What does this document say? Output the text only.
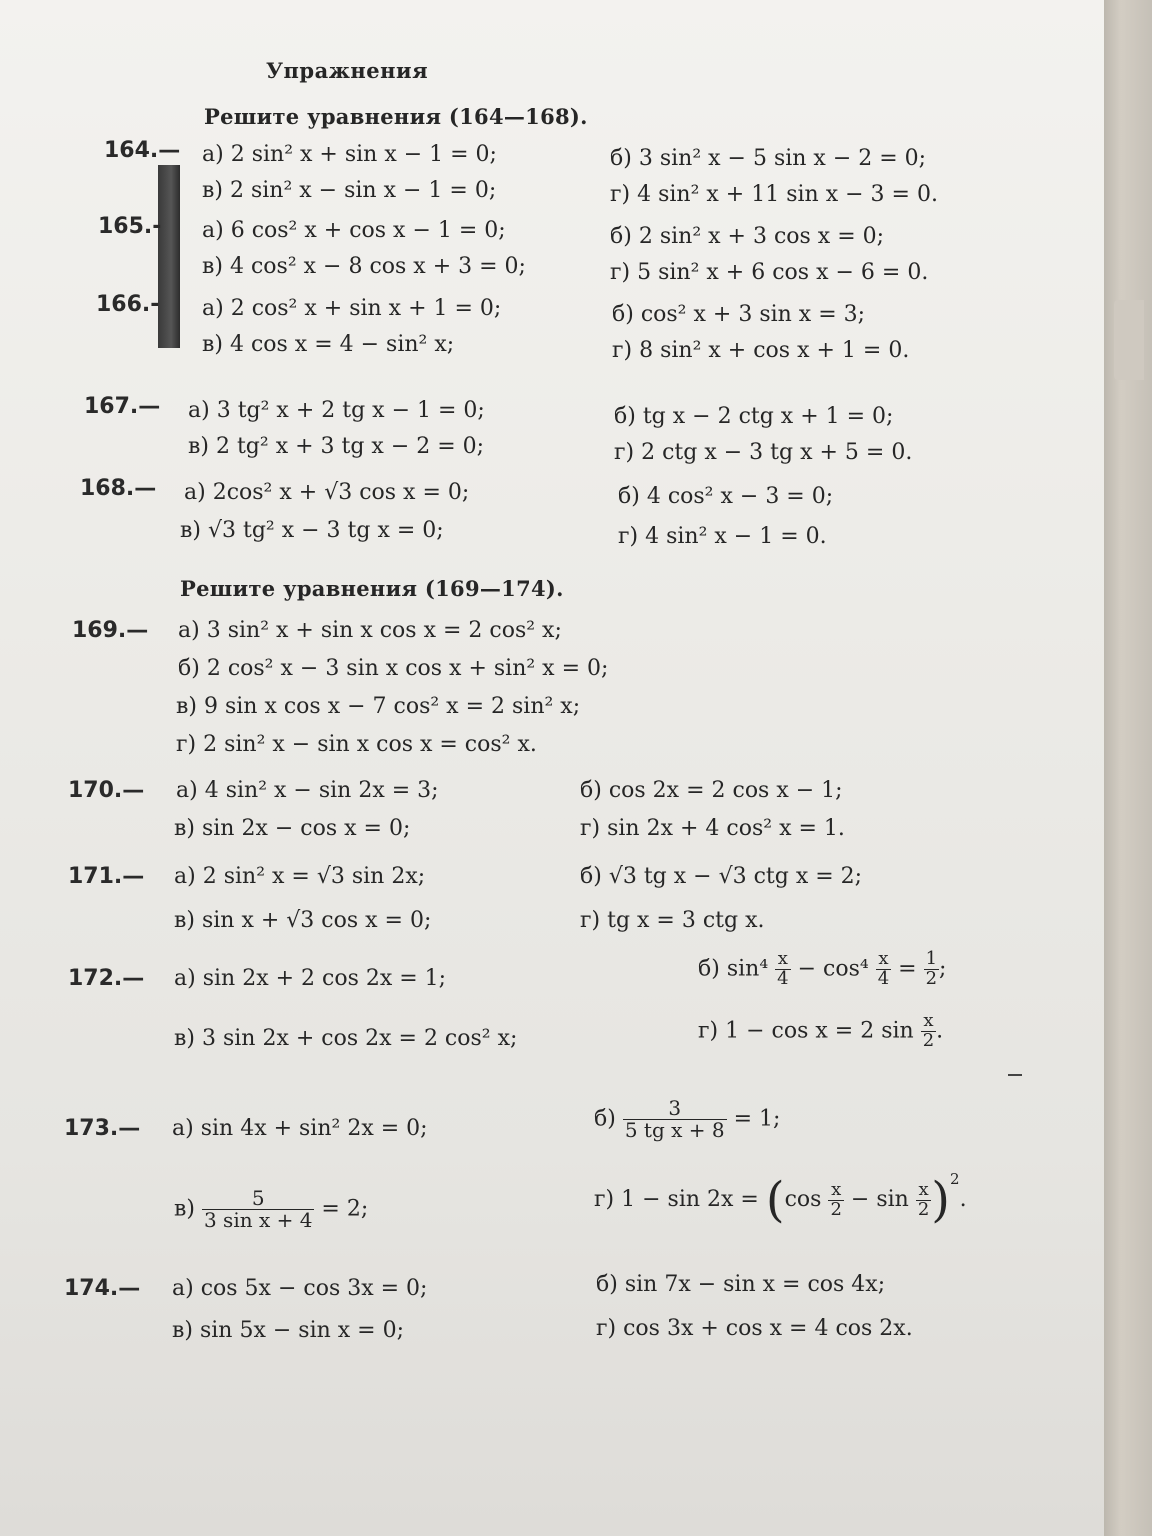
Упражнения
Решите уравнения (164—168).
164.— а) 2 sin² x + sin x − 1 = 0;	б) 3 sin² x − 5 sin x − 2 = 0;
в) 2 sin² x − sin x − 1 = 0;	г) 4 sin² x + 11 sin x − 3 = 0.
165.- а) 6 cos² x + cos x − 1 = 0;	б) 2 sin² x + 3 cos x = 0;
в) 4 cos² x − 8 cos x + 3 = 0;	г) 5 sin² x + 6 cos x − 6 = 0.
166.- а) 2 cos² x + sin x + 1 = 0;	б) cos² x + 3 sin x = 3;
в) 4 cos x = 4 − sin² x;	г) 8 sin² x + cos x + 1 = 0.
167.— а) 3 tg² x + 2 tg x − 1 = 0;	б) tg x − 2 ctg x + 1 = 0;
в) 2 tg² x + 3 tg x − 2 = 0;	г) 2 ctg x − 3 tg x + 5 = 0.
168.— а) 2cos² x + √3 cos x = 0;	б) 4 cos² x − 3 = 0;
в) √3 tg² x − 3 tg x = 0;	г) 4 sin² x − 1 = 0.
Решите уравнения (169—174).
169.— а) 3 sin² x + sin x cos x = 2 cos² x;
б) 2 cos² x − 3 sin x cos x + sin² x = 0;
в) 9 sin x cos x − 7 cos² x = 2 sin² x;
г) 2 sin² x − sin x cos x = cos² x.
170.— а) 4 sin² x − sin 2x = 3;	б) cos 2x = 2 cos x − 1;
в) sin 2x − cos x = 0;	г) sin 2x + 4 cos² x = 1.
171.— а) 2 sin² x = √3 sin 2x;	б) √3 tg x − √3 ctg x = 2;
в) sin x + √3 cos x = 0;	г) tg x = 3 ctg x.
172.— а) sin 2x + 2 cos 2x = 1;	б) $\sin^4 \frac{x}{4} - \cos^4 \frac{x}{4} = \frac{1}{2}$ ;
в) 3 sin 2x + cos 2x = 2 cos² x;	г) 1 − cos x = 2 $\sin \frac{x}{2}$ .
173.— а) sin 4x + sin² 2x = 0;	$б) \frac{3}{\text{5 tg x + 8}} = 1$;
$в) \frac{5}{\text{3 sin x + 4}} = 2$;	г) $1 - \sin 2x = (\cos \frac{x}{2} - \sin \frac{x}{2} )^2$.
174.— а) cos 5x − cos 3x = 0;	б) sin 7x − sin x = cos 4x;
в) sin 5x − sin x = 0;	г) cos 3x + cos x = 4 cos 2x.
